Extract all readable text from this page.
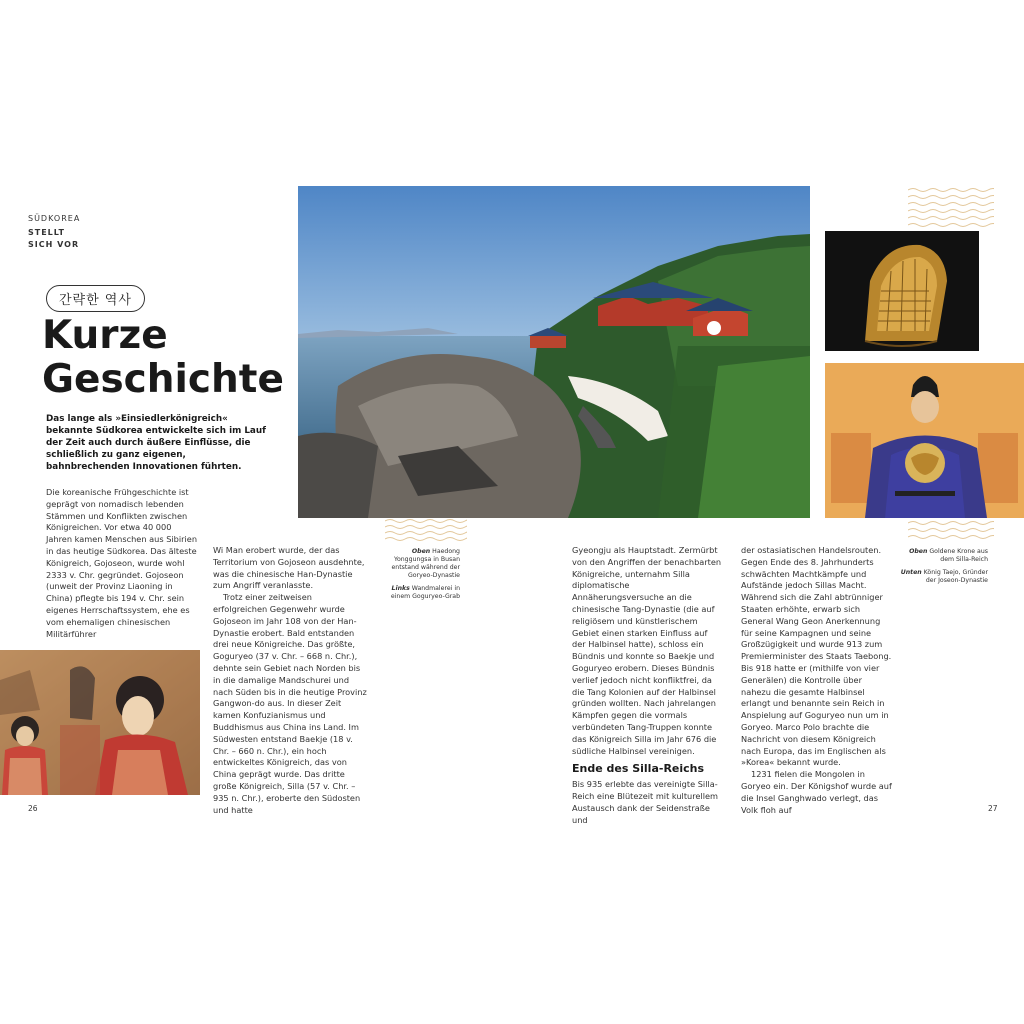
SÜDKOREA
STELLT
SICH VOR
간략한 역사
Kurze
Geschichte
Das lange als »Einsiedlerkönigreich« bekannte Südkorea entwickelte sich im Lauf der Zeit auch durch äußere Einflüsse, die schließlich zu ganz eigenen, bahnbrechenden Innovationen führten.

Die koreanische Frühgeschichte ist geprägt von nomadisch lebenden Stämmen und Konflikten zwischen Königreichen. Vor etwa 40 000 Jahren kamen Menschen aus Sibirien in das heutige Südkorea. Das älteste Königreich, Gojoseon, wurde wohl 2333 v. Chr. gegründet. Gojoseon (unweit der Provinz Liaoning in China) pflegte bis 194 v. Chr. sein eigenes Herrschaftssystem, ehe es vom ehemaligen chinesischen Militärführer

Wi Man erobert wurde, der das Territorium von Gojoseon ausdehnte, was die chinesische Han-Dynastie zum Angriff veranlasste.

Trotz einer zeitweisen erfolgreichen Gegenwehr wurde Gojoseon im Jahr 108 von der Han-Dynastie erobert. Bald entstanden drei neue Königreiche. Das größte, Goguryeo (37 v. Chr. – 668 n. Chr.), dehnte sein Gebiet nach Norden bis in die damalige Mandschurei und nach Süden bis in die heutige Provinz Gangwon-do aus. In dieser Zeit kamen Konfuzianismus und Buddhismus aus China ins Land. Im Südwesten entstand Baekje (18 v. Chr. – 660 n. Chr.), ein hoch entwickeltes Königreich, das von China geprägt wurde. Das dritte große Königreich, Silla (57 v. Chr. – 935 n. Chr.), eroberte den Südosten und hatte

Oben Haedong Yonggungsa in Busan entstand während der Goryeo-Dynastie
Links Wandmalerei in einem Goguryeo-Grab
Oben Goldene Krone aus dem Silla-Reich
Unten König Taejo, Gründer der Joseon-Dynastie

Gyeongju als Hauptstadt. Zermürbt von den Angriffen der benachbarten Königreiche, unternahm Silla diplomatische Annäherungsversuche an die chinesische Tang-Dynastie (die auf religiösem und künstlerischem Gebiet einen starken Einfluss auf der Halbinsel hatte), schloss ein Bündnis und konnte so Baekje und Goguryeo erobern. Dieses Bündnis verlief jedoch nicht konfliktfrei, da die Tang Kolonien auf der Halbinsel gründen wollten. Nach jahrelangen Kämpfen gegen die vormals verbündeten Tang-Truppen konnte das Königreich Silla im Jahr 676 die südliche Halbinsel vereinigen.

Ende des Silla-Reichs

Bis 935 erlebte das vereinigte Silla-Reich eine Blütezeit mit kulturellem Austausch dank der Seidenstraße und

der ostasiatischen Handelsrouten. Gegen Ende des 8. Jahrhunderts schwächten Machtkämpfe und Aufstände jedoch Sillas Macht. Während sich die Zahl abtrünniger Staaten erhöhte, erwarb sich General Wang Geon Anerkennung für seine Kampagnen und seine Großzügigkeit und wurde 913 zum Premierminister des Staats Taebong. Bis 918 hatte er (mithilfe von vier Generälen) die Kontrolle über nahezu die gesamte Halbinsel erlangt und benannte sein Reich in Anspielung auf Goguryeo nun um in Goryeo. Marco Polo brachte die Nachricht von diesem Königreich nach Europa, das im Englischen als »Korea« bekannt wurde.

1231 fielen die Mongolen in Goryeo ein. Der Königshof wurde auf die Insel Ganghwado verlegt, das Volk floh auf

26	27
